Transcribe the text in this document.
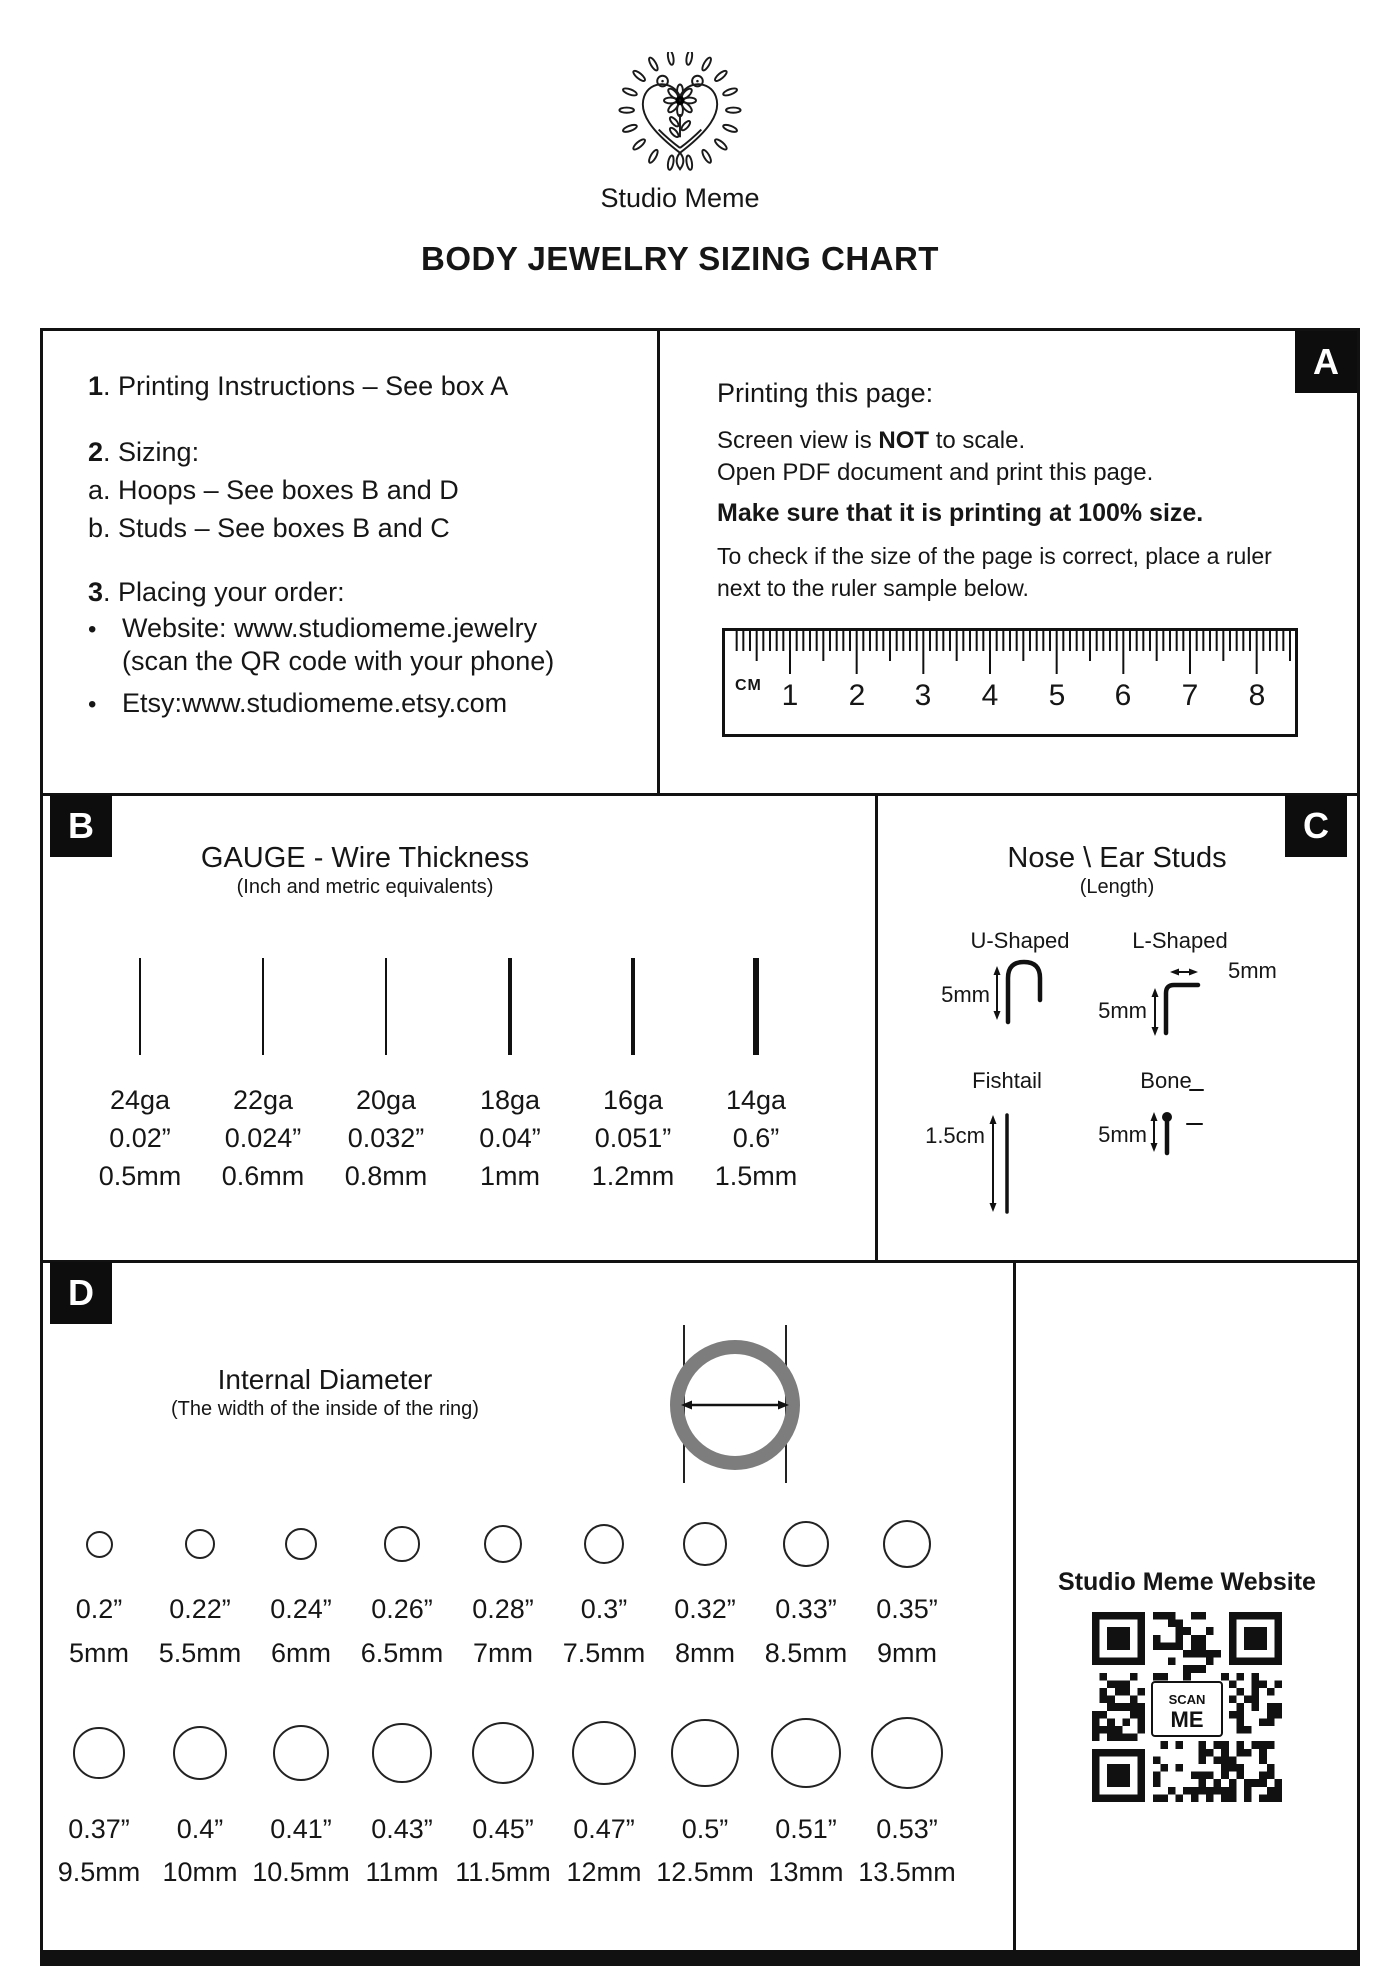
Studio Meme
BODY JEWELRY SIZING CHART
A
B	C
D
1. Printing Instructions – See box A
2. Sizing:
a. Hoops – See boxes B and D
b. Studs – See boxes B and C
3. Placing your order:
• Website: www.studiomeme.jewelry
(scan the QR code with your phone)
• Etsy:www.studiomeme.etsy.com
Printing this page:
Screen view is NOT to scale.
Open PDF document and print this page.
Make sure that it is printing at 100% size.
To check if the size of the page is correct, place a ruler
next to the ruler sample below.
CM 1 2 3 4 5 6 7 8
GAUGE - Wire Thickness
(Inch and metric equivalents)
24ga
0.02”
0.5mm
22ga
0.024”
0.6mm
20ga
0.032”
0.8mm
18ga
0.04”
1mm
16ga
0.051”
1.2mm
14ga
0.6”
1.5mm
Nose \ Ear Studs
(Length)
U-Shaped	L-Shaped
5mm
5mm
5mm
Fishtail	Bone
1.5cm	5mm
Internal Diameter
(The width of the inside of the ring)
0.2”
5mm
0.22”
5.5mm
0.24”
6mm
0.26”
6.5mm
0.28”
7mm
0.3”
7.5mm
0.32”
8mm
0.33”
8.5mm
0.35”
9mm
0.37”
9.5mm
0.4”
10mm
0.41”
10.5mm
0.43”
11mm
0.45”
11.5mm
0.47”
12mm
0.5”
12.5mm
0.51”
13mm
0.53”
13.5mm
Studio Meme Website
SCAN
ME
